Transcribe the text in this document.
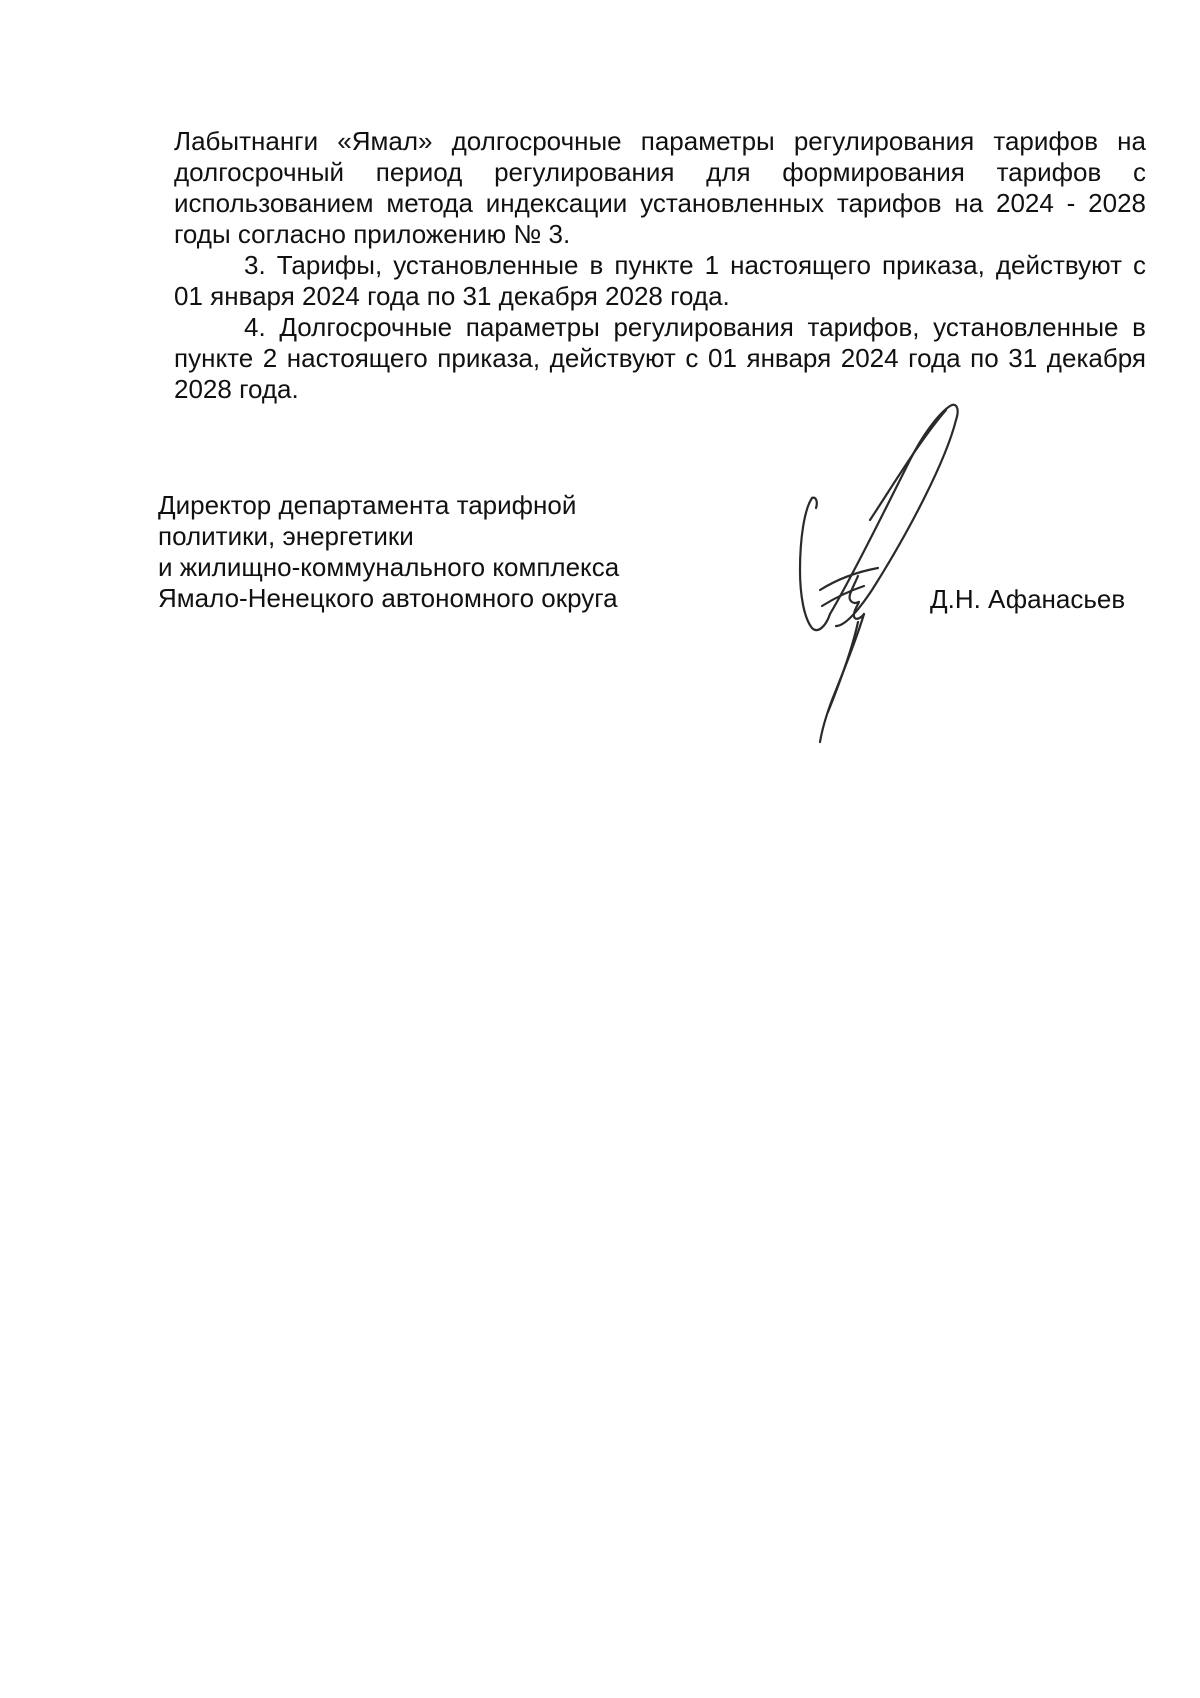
Лабытнанги «Ямал» долгосрочные параметры регулирования тарифов на долгосрочный период регулирования для формирования тарифов с использованием метода индексации установленных тарифов на 2024 - 2028 годы согласно приложению № 3.

3. Тарифы, установленные в пункте 1 настоящего приказа, действуют с 01 января 2024 года по 31 декабря 2028 года.

4. Долгосрочные параметры регулирования тарифов, установленные в пункте 2 настоящего приказа, действуют с 01 января 2024 года по 31 декабря 2028 года.

Директор департамента тарифной
политики, энергетики
и жилищно-коммунального комплекса
Ямало-Ненецкого автономного округа	Д.Н. Афанасьев
